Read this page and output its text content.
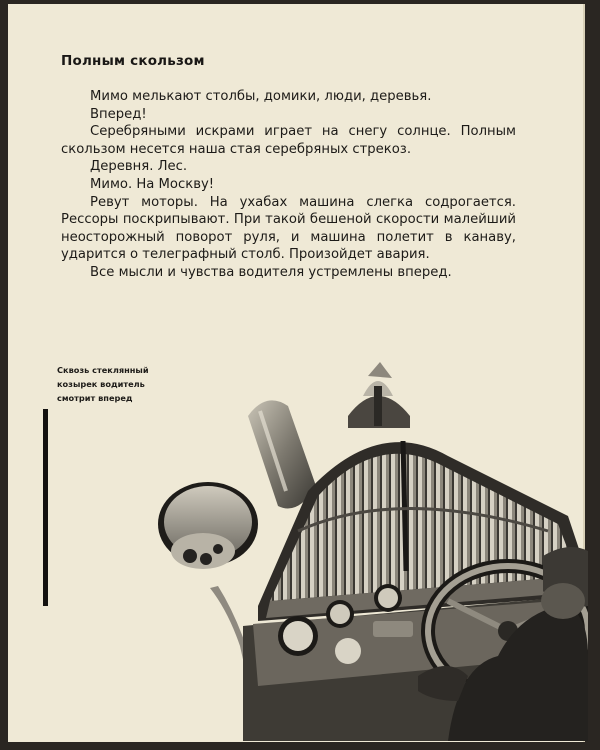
Полным скользом

Мимо мелькают столбы, домики, люди, деревья.

Вперед!

Серебряными искрами играет на снегу солнце. Полным скользом несется наша стая серебряных стрекоз.

Деревня. Лес.

Мимо. На Москву!

Ревут моторы. На ухабах машина слегка содрогается. Рессоры поскрипывают. При такой бешеной скорости малейший неосторожный поворот руля, и машина полетит в канаву, ударится о телеграфный столб. Произойдет авария.

Все мысли и чувства водителя устремлены вперед.

Сквозь стеклянный
козырек водитель
смотрит вперед
